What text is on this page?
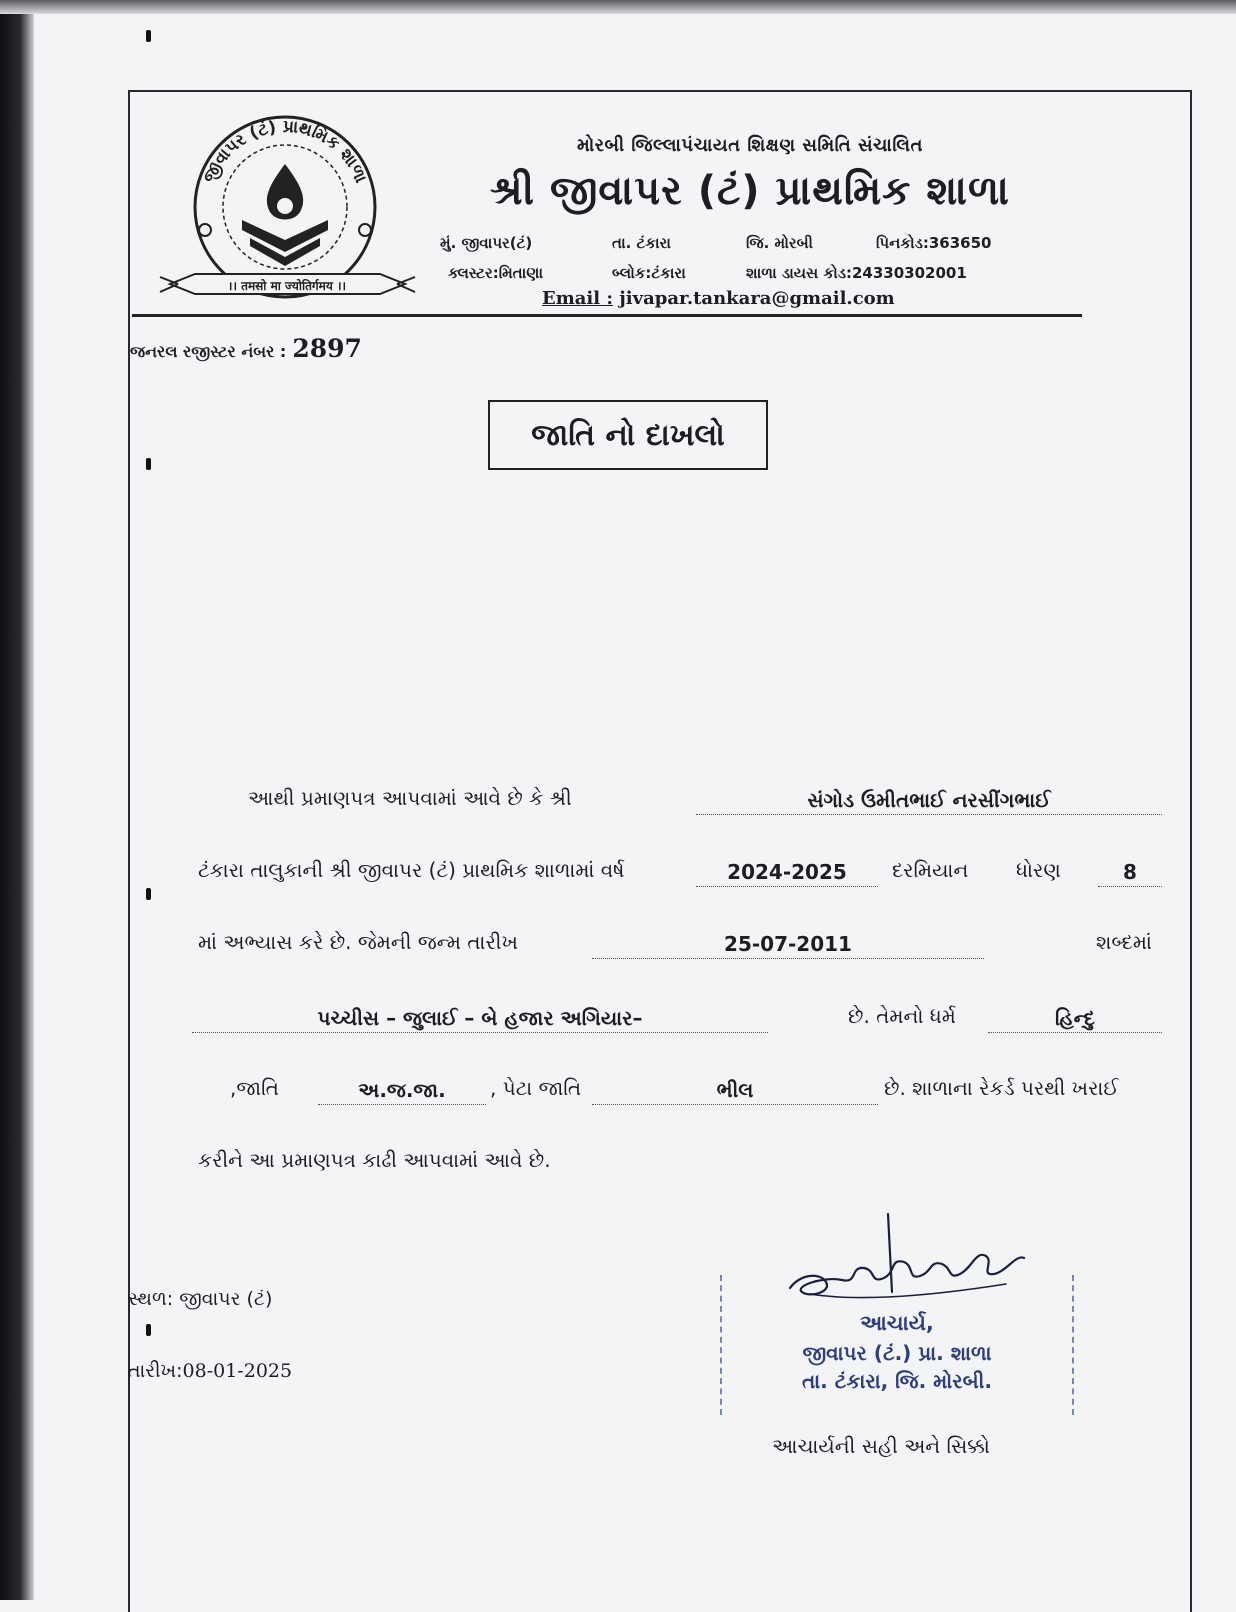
જીવાપર (ટં) પ્રાથમિક શાળા
।। तमसो मा ज्योतिर्गमय ।।
મોરબી જિલ્લાપંચાયત શિક્ષણ સમિતિ સંચાલિત
શ્રી જીવાપર (ટં) પ્રાથમિક શાળા
મું. જીવાપર(ટં)	તા. ટંકારા	જિ. મોરબી	પિનકોડ:363650
ક્લસ્ટર:મિતાણા	બ્લોક:ટંકારા	શાળા ડાયસ કોડ:24330302001
Email : jivapar.tankara@gmail.com
જનરલ રજીસ્ટર નંબર : 2897
જાતિ નો દાખલો
આથી પ્રમાણપત્ર આપવામાં આવે છે કે શ્રી	સંગોડ ઉમીતભાઈ નરસીંગભાઈ
ટંકારા તાલુકાની શ્રી જીવાપર (ટં) પ્રાથમિક શાળામાં વર્ષ	2024-2025	દરમિયાન ધોરણ	8
માં અભ્યાસ કરે છે. જેમની જન્મ તારીખ	25-07-2011	શબ્દમાં
પચ્ચીસ – જુલાઈ – બે હજાર અગિયાર–	છે. તેમનો ધર્મ	હિન્દુ
,જાતિ	અ.જ.જા.	, પેટા જાતિ	ભીલ	છે. શાળાના રેકર્ડ પરથી ખરાઈ
કરીને આ પ્રમાણપત્ર કાઢી આપવામાં આવે છે.
સ્થળ: જીવાપર (ટં)
તારીખ:08-01-2025
આચાર્ય,
જીવાપર (ટં.) પ્રા. શાળા
તા. ટંકારા, જિ. મોરબી.
આચાર્યની સહી અને સિક્કો
